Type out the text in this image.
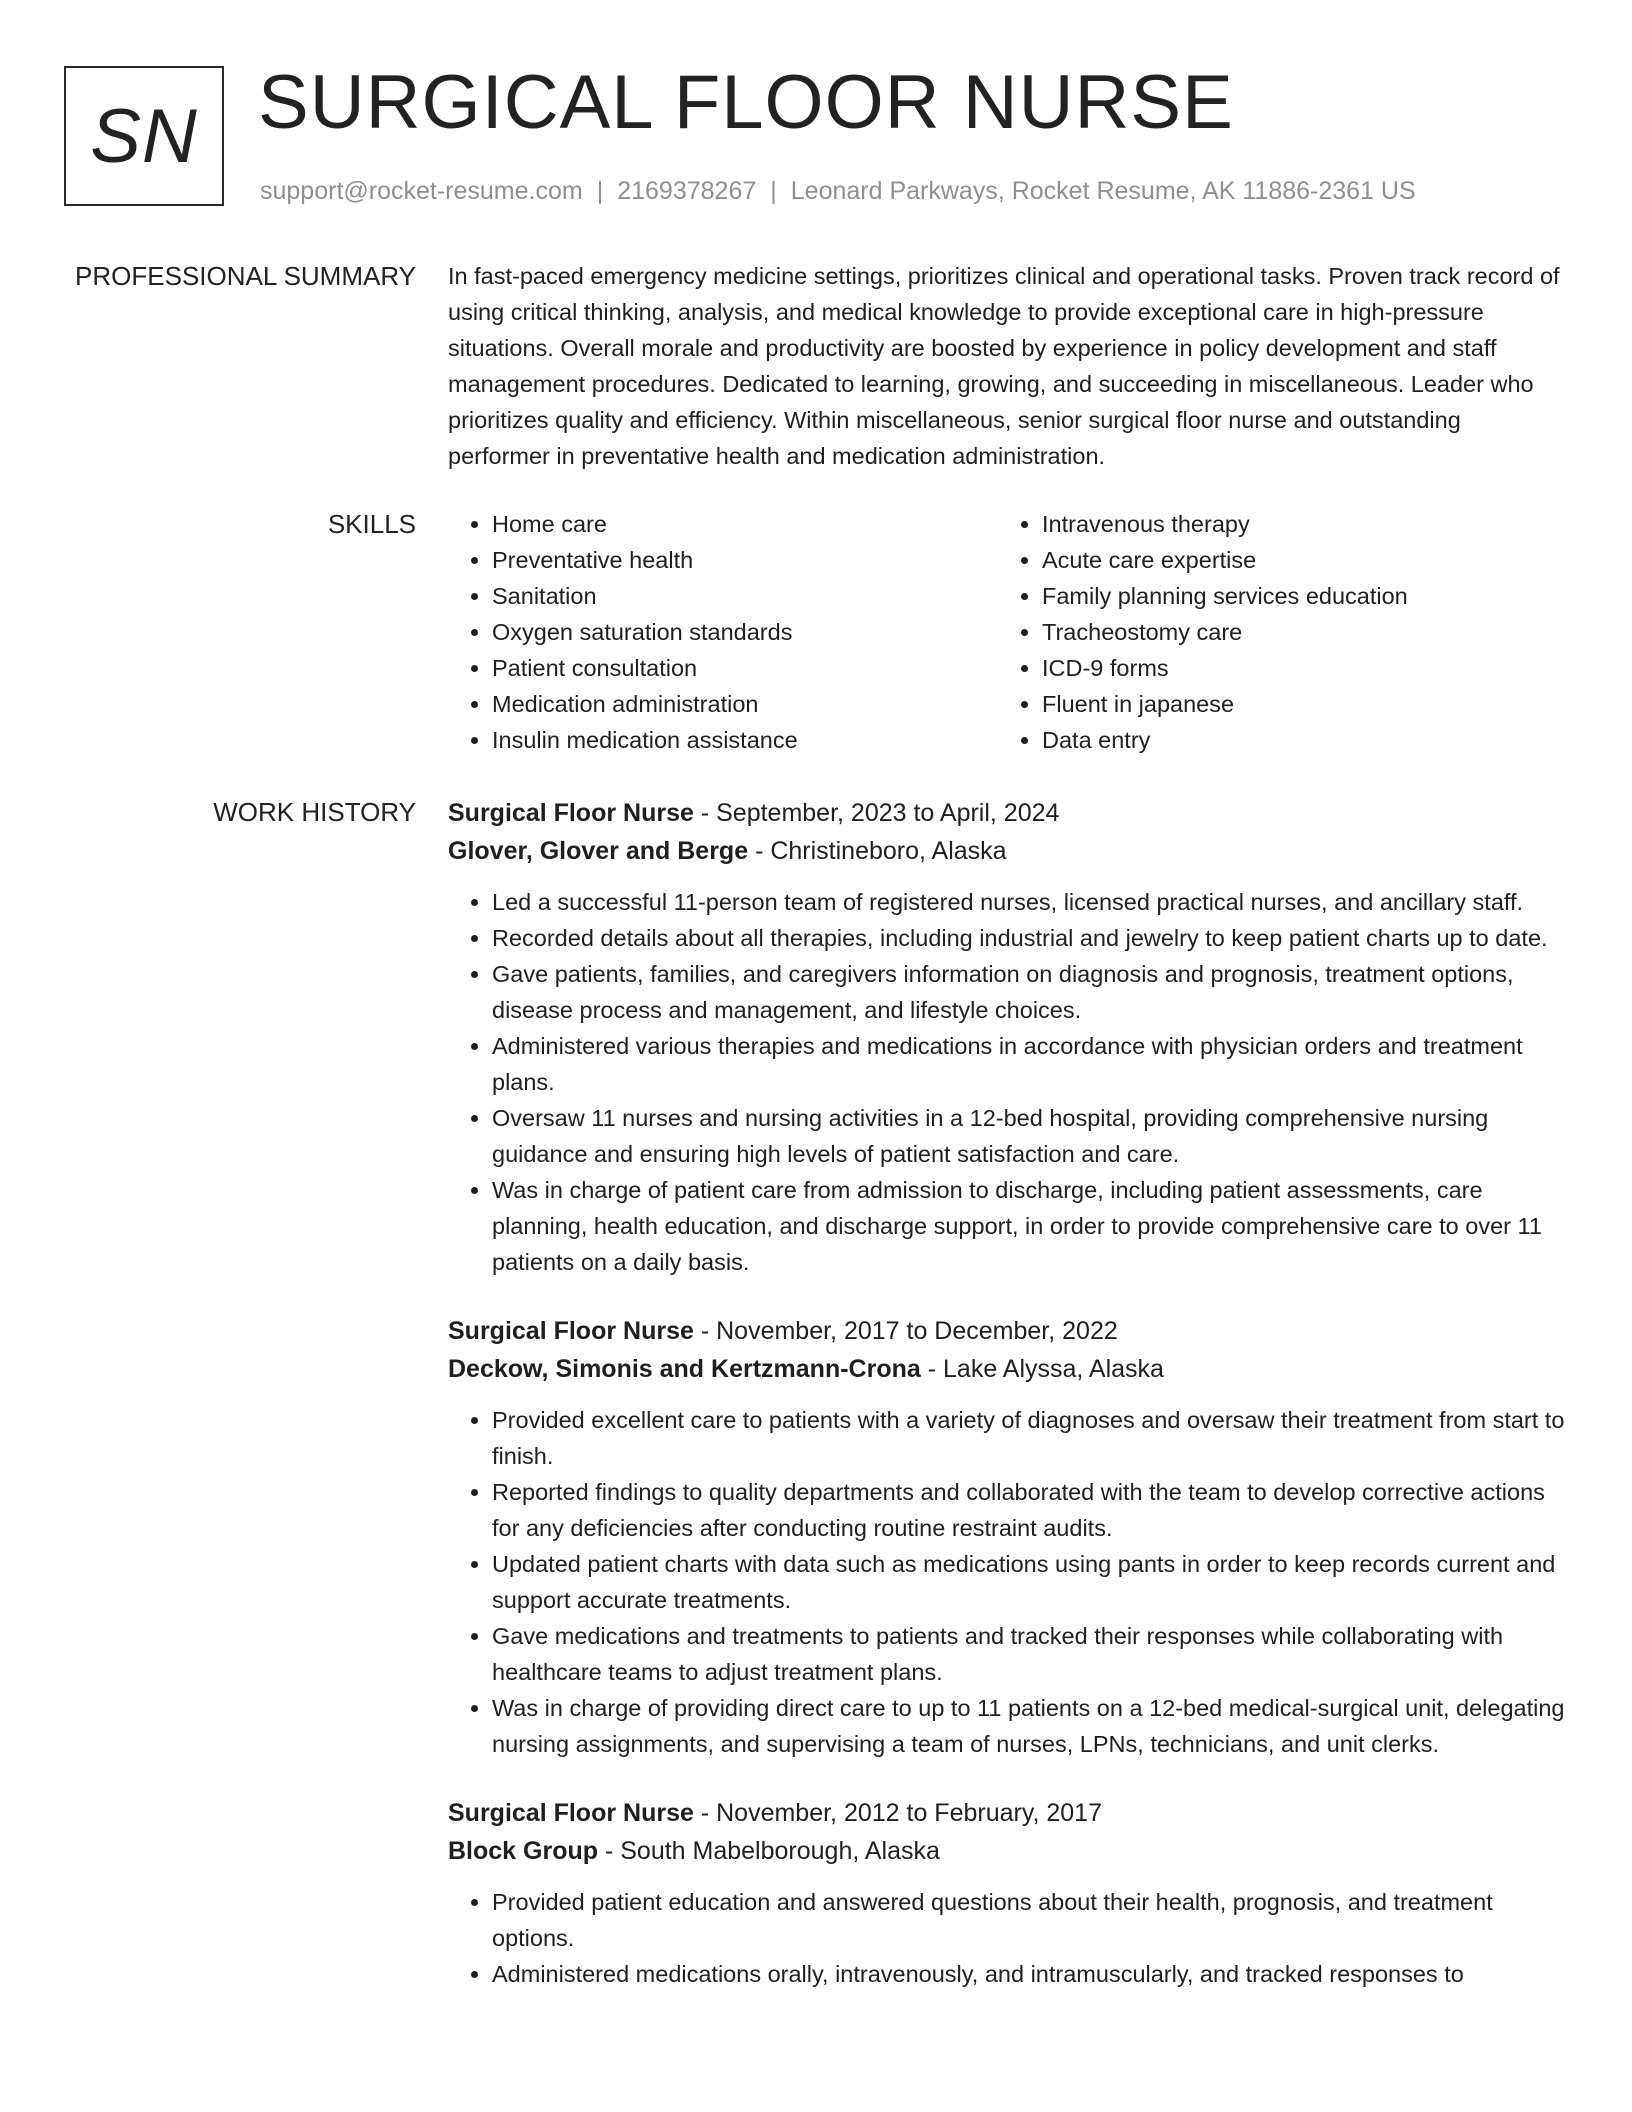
SN SURGICAL FLOOR NURSE
support@rocket-resume.com | 2169378267 | Leonard Parkways, Rocket Resume, AK 11886-2361 US
PROFESSIONAL SUMMARY In fast-paced emergency medicine settings, prioritizes clinical and operational tasks. Proven track record of using critical thinking, analysis, and medical knowledge to provide exceptional care in high-pressure situations. Overall morale and productivity are boosted by experience in policy development and staff management procedures. Dedicated to learning, growing, and succeeding in miscellaneous. Leader who prioritizes quality and efficiency. Within miscellaneous, senior surgical floor nurse and outstanding performer in preventative health and medication administration.

SKILLS
•	Home care
• Preventative health
• Sanitation
• Oxygen saturation standards
• Patient consultation
• Medication administration
• Insulin medication assistance
• Intravenous therapy
• Acute care expertise
• Family planning services education
• Tracheostomy care
• ICD-9 forms
• Fluent in japanese
• Data entry
WORK HISTORY Surgical Floor Nurse - September, 2023 to April, 2024
Glover, Glover and Berge - Christineboro, Alaska
• Led a successful 11-person team of registered nurses, licensed practical nurses, and ancillary staff.
• Recorded details about all therapies, including industrial and jewelry to keep patient charts up to date.
• Gave patients, families, and caregivers information on diagnosis and prognosis, treatment options, disease process and management, and lifestyle choices.
• Administered various therapies and medications in accordance with physician orders and treatment plans.
• Oversaw 11 nurses and nursing activities in a 12-bed hospital, providing comprehensive nursing guidance and ensuring high levels of patient satisfaction and care.
• Was in charge of patient care from admission to discharge, including patient assessments, care planning, health education, and discharge support, in order to provide comprehensive care to over 11 patients on a daily basis.
Surgical Floor Nurse - November, 2017 to December, 2022
Deckow, Simonis and Kertzmann-Crona - Lake Alyssa, Alaska
• Provided excellent care to patients with a variety of diagnoses and oversaw their treatment from start to finish.
• Reported findings to quality departments and collaborated with the team to develop corrective actions for any deficiencies after conducting routine restraint audits.
• Updated patient charts with data such as medications using pants in order to keep records current and support accurate treatments.
• Gave medications and treatments to patients and tracked their responses while collaborating with healthcare teams to adjust treatment plans.
• Was in charge of providing direct care to up to 11 patients on a 12-bed medical-surgical unit, delegating nursing assignments, and supervising a team of nurses, LPNs, technicians, and unit clerks.
Surgical Floor Nurse - November, 2012 to February, 2017
Block Group - South Mabelborough, Alaska
• Provided patient education and answered questions about their health, prognosis, and treatment options.
• Administered medications orally, intravenously, and intramuscularly, and tracked responses to
